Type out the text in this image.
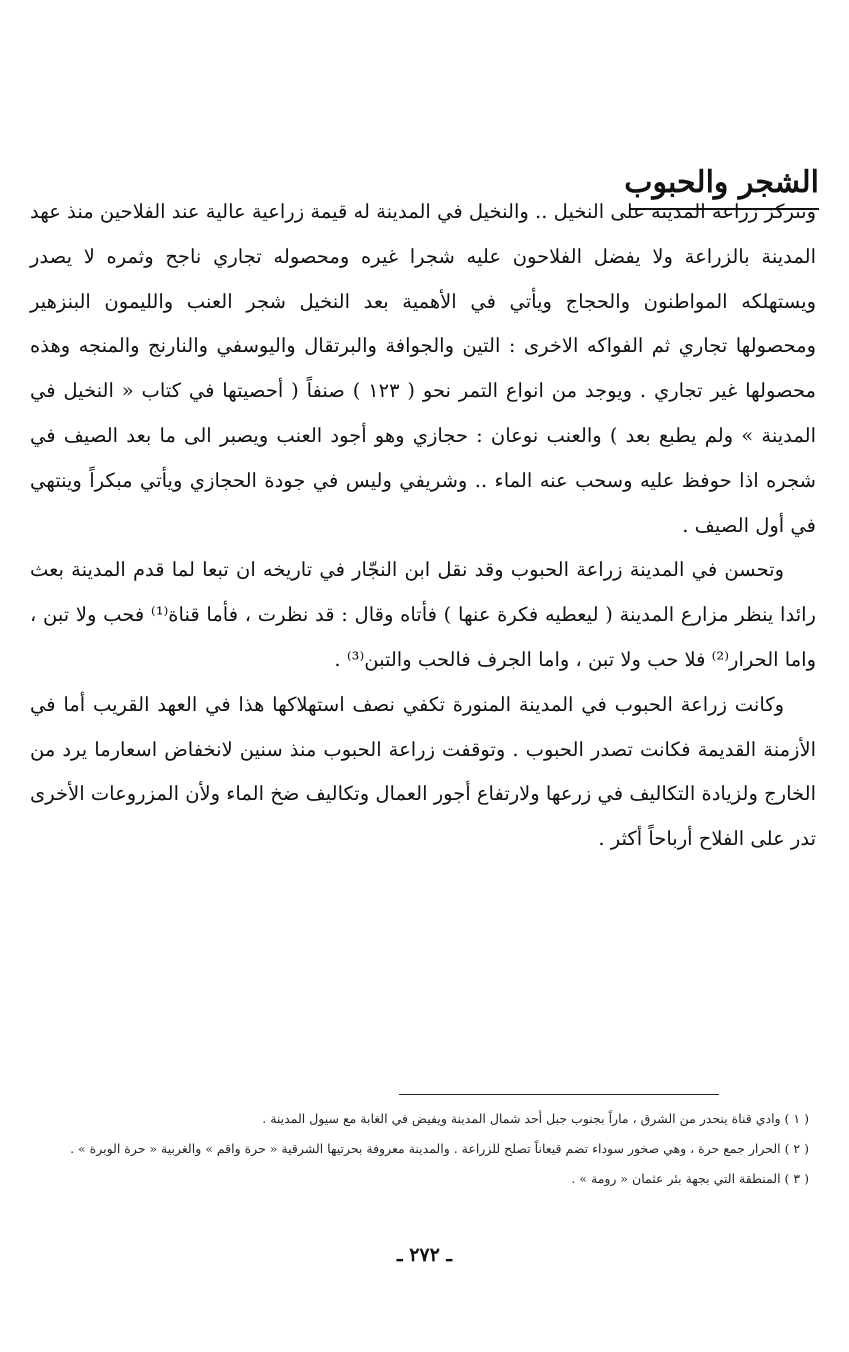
الشجر والحبوب

وتتركز زراعة المدينة على النخيل .. والنخيل في المدينة له قيمة زراعية عالية عند الفلاحين منذ عهد المدينة بالزراعة ولا يفضل الفلاحون عليه شجرا غيره ومحصوله تجاري ناجح وثمره لا يصدر ويستهلكه المواطنون والحجاج ويأتي في الأهمية بعد النخيل شجر العنب والليمون البنزهير ومحصولها تجاري ثم الفواكه الاخرى : التين والجوافة والبرتقال واليوسفي والنارنج والمنجه وهذه محصولها غير تجاري . ويوجد من انواع التمر نحو ( ١٢٣ ) صنفاً ( أحصيتها في كتاب « النخيل في المدينة » ولم يطبع بعد ) والعنب نوعان : حجازي وهو أجود العنب ويصبر الى ما بعد الصيف في شجره اذا حوفظ عليه وسحب عنه الماء .. وشريفي وليس في جودة الحجازي ويأتي مبكراً وينتهي في أول الصيف .

وتحسن في المدينة زراعة الحبوب وقد نقل ابن النجّار في تاريخه ان تبعا لما قدم المدينة بعث رائدا ينظر مزارع المدينة ( ليعطيه فكرة عنها ) فأتاه وقال : قد نظرت ، فأما قناة⁽¹⁾ فحب ولا تبن ، واما الحرار⁽²⁾ فلا حب ولا تبن ، واما الجرف فالحب والتبن⁽³⁾ .

وكانت زراعة الحبوب في المدينة المنورة تكفي نصف استهلاكها هذا في العهد القريب أما في الأزمنة القديمة فكانت تصدر الحبوب . وتوقفت زراعة الحبوب منذ سنين لانخفاض اسعارما يرد من الخارج ولزيادة التكاليف في زرعها ولارتفاع أجور العمال وتكاليف ضخ الماء ولأن المزروعات الأخرى تدر على الفلاح أرباحاً أكثر .

( ١ ) وادي قناة ينحدر من الشرق ، ماراً بجنوب جبل أحد شمال المدينة ويفيض في الغابة مع سيول المدينة .

( ٢ ) الحرار جمع حرة ، وهي صخور سوداء تضم قيعاناً تصلح للزراعة . والمدينة معروفة بحرتيها الشرقية « حرة واقم » والغربية « حرة الوبرة » .

( ٣ ) المنطقة التي بجهة بئر عثمان « رومة » .

ـ ٢٧٢ ـ
